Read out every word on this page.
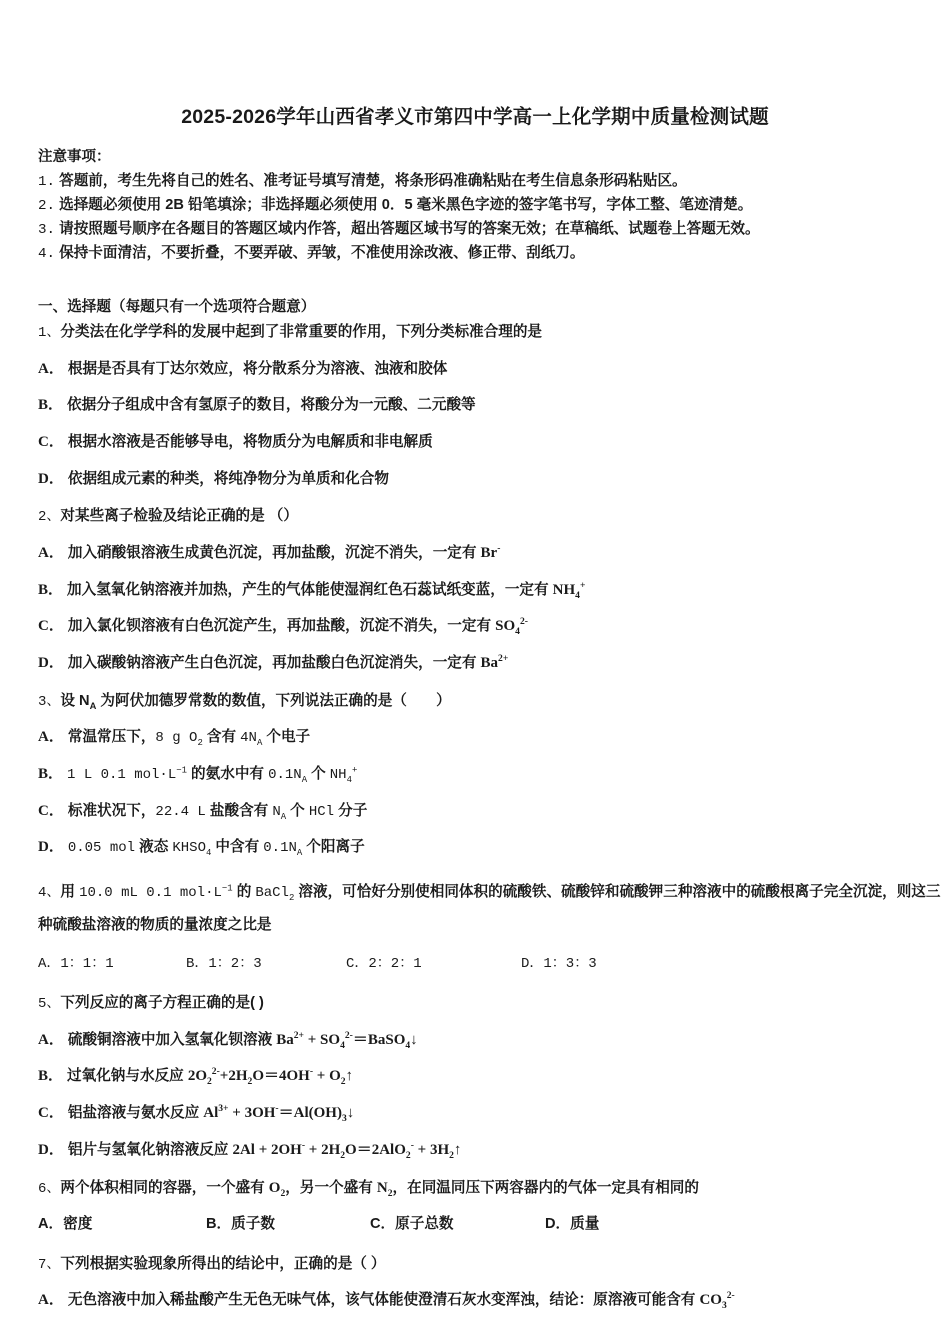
2025-2026学年山西省孝义市第四中学高一上化学期中质量检测试题
注意事项：
1. 答题前，考生先将自己的姓名、准考证号填写清楚，将条形码准确粘贴在考生信息条形码粘贴区。
2. 选择题必须使用 2B 铅笔填涂；非选择题必须使用 0．5 毫米黑色字迹的签字笔书写，字体工整、笔迹清楚。
3. 请按照题号顺序在各题目的答题区域内作答，超出答题区域书写的答案无效；在草稿纸、试题卷上答题无效。
4. 保持卡面清洁，不要折叠，不要弄破、弄皱，不准使用涂改液、修正带、刮纸刀。
一、选择题（每题只有一个选项符合题意）
1、分类法在化学学科的发展中起到了非常重要的作用，下列分类标准合理的是
A． 根据是否具有丁达尔效应，将分散系分为溶液、浊液和胶体
B． 依据分子组成中含有氢原子的数目，将酸分为一元酸、二元酸等
C． 根据水溶液是否能够导电，将物质分为电解质和非电解质
D． 依据组成元素的种类，将纯净物分为单质和化合物
2、对某些离子检验及结论正确的是 （）
A． 加入硝酸银溶液生成黄色沉淀，再加盐酸，沉淀不消失，一定有 Br-
B． 加入氢氧化钠溶液并加热，产生的气体能使湿润红色石蕊试纸变蓝，一定有 $NH_4^+$
C． 加入氯化钡溶液有白色沉淀产生，再加盐酸，沉淀不消失，一定有 $SO_4^{2-}$
D． 加入碳酸钠溶液产生白色沉淀，再加盐酸白色沉淀消失，一定有 $Ba^{2+}$
3、设 $N_A$ 为阿伏加德罗常数的数值，下列说法正确的是（　　）
A． 常温常压下，8 g $O_2$ 含有 $4N_A$ 个电子
B． 1 L 0.1 $mol\cdot L^{-1}$ 的氨水中有 $0.1N_A$ 个 $NH_4^+$
C． 标准状况下，22.4 L 盐酸含有 $N_A$ 个 HCl 分子
D． 0.05 mol 液态 $KHSO_4$ 中含有 $0.1N_A$ 个阳离子
4、用 10.0 mL 0.1 $mol\cdot L^{-1}$ 的 BaCl$_2$ 溶液，可恰好分别使相同体积的硫酸铁、硫酸锌和硫酸钾三种溶液中的硫酸根离子完全沉淀，则这三种硫酸盐溶液的物质的量浓度之比是
A．1：1：1	B．1：2：3	C．2：2：1	D．1：3：3
5、下列反应的离子方程正确的是( )
A． 硫酸铜溶液中加入氢氧化钡溶液 $Ba^{2+}$ + $SO_4^{2-}=BaSO_4↓$
B． 过氧化钠与水反应 $2O_2^{2-}+2H_2O=4OH^-$ + $O_2↑$
C． 铝盐溶液与氨水反应 $Al^{3+}$ + $3OH^-=Al(OH)_3↓$
D． 铝片与氢氧化钠溶液反应 $2Al + 2OH^- + 2H_2O=2AlO_2^-$ + $3H_2↑$
6、两个体积相同的容器，一个盛有 $O_2$，另一个盛有 $N_2$，在同温同压下两容器内的气体一定具有相同的
A．密度	B．质子数	C．原子总数	D．质量
7、下列根据实验现象所得出的结论中，正确的是（ ）
A． 无色溶液中加入稀盐酸产生无色无味气体，该气体能使澄清石灰水变浑浊，结论：原溶液可能含有 $CO_3^{2-}$
